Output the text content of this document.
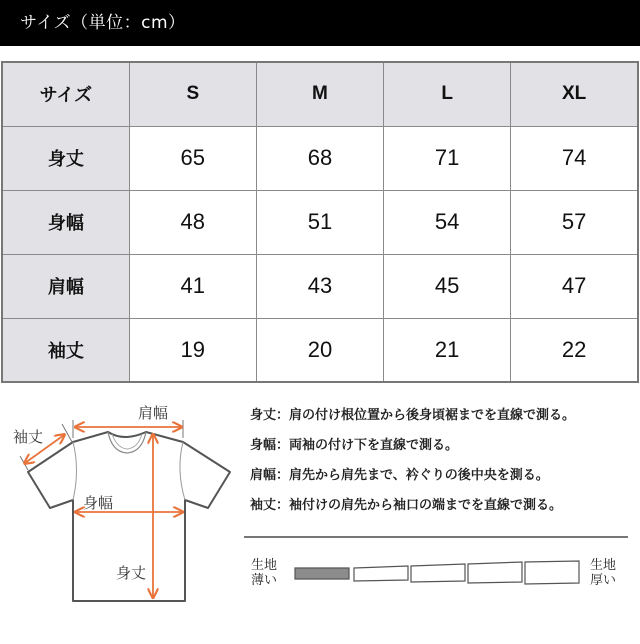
サイズ（単位：cm）
サイズ	S	M	L	XL
身丈	65	68	71	74
身幅	48	51	54	57
肩幅	41	43	45	47
袖丈	19	20	21	22
肩幅
袖丈
身幅
身丈
身丈：肩の付け根位置から後身頃裾までを直線で測る。
身幅：両袖の付け下を直線で測る。
肩幅：肩先から肩先まで、衿ぐりの後中央を測る。
袖丈：袖付けの肩先から袖口の端までを直線で測る。
生地
薄い
生地
厚い
